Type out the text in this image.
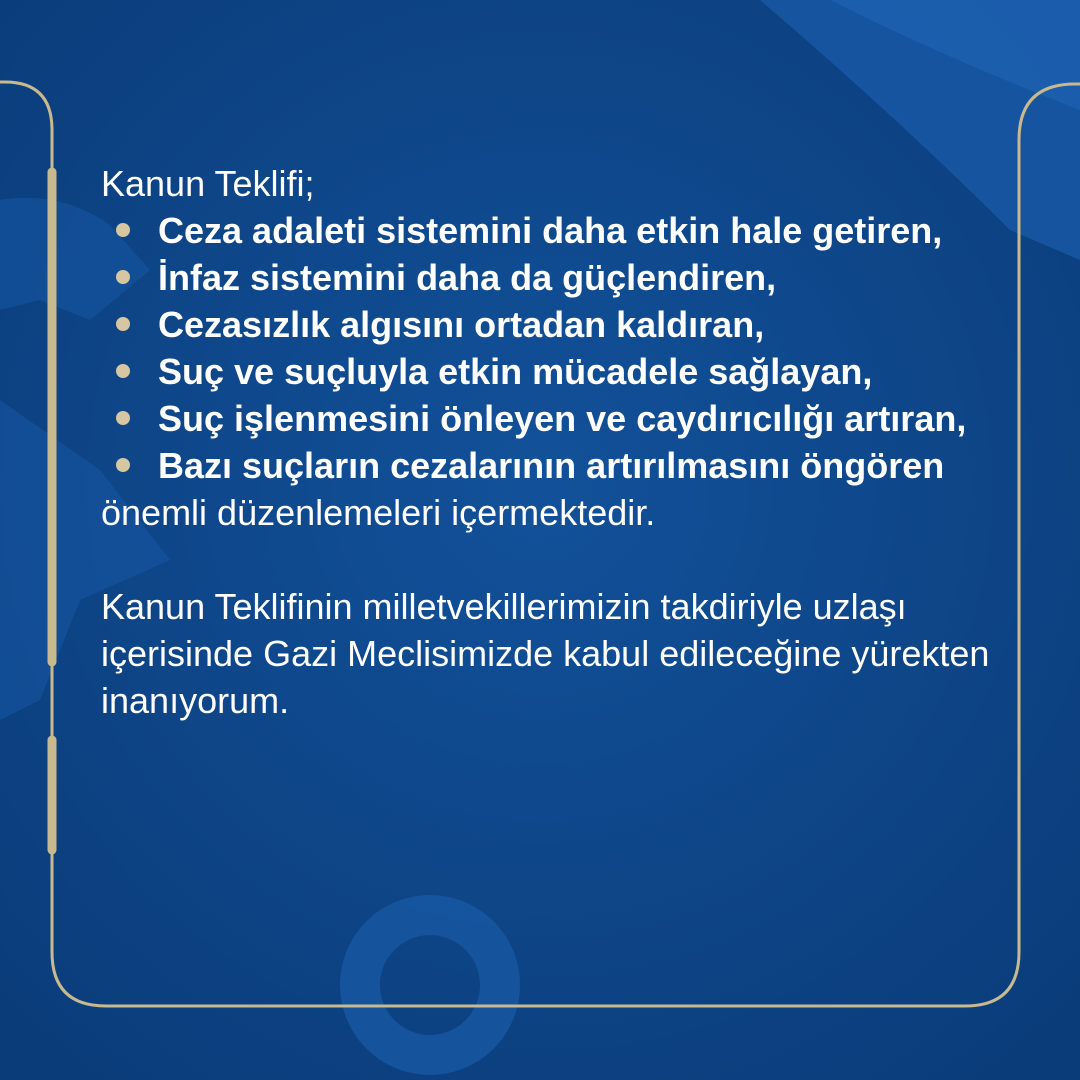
Kanun Teklifi;

Ceza adaleti sistemini daha etkin hale getiren,
İnfaz sistemini daha da güçlendiren,
Cezasızlık algısını ortadan kaldıran,
Suç ve suçluyla etkin mücadele sağlayan,
Suç işlenmesini önleyen ve caydırıcılığı artıran,
Bazı suçların cezalarının artırılmasını öngören

önemli düzenlemeleri içermektedir.

Kanun Teklifinin milletvekillerimizin takdiriyle uzlaşı içerisinde Gazi Meclisimizde kabul edileceğine yürekten inanıyorum.
